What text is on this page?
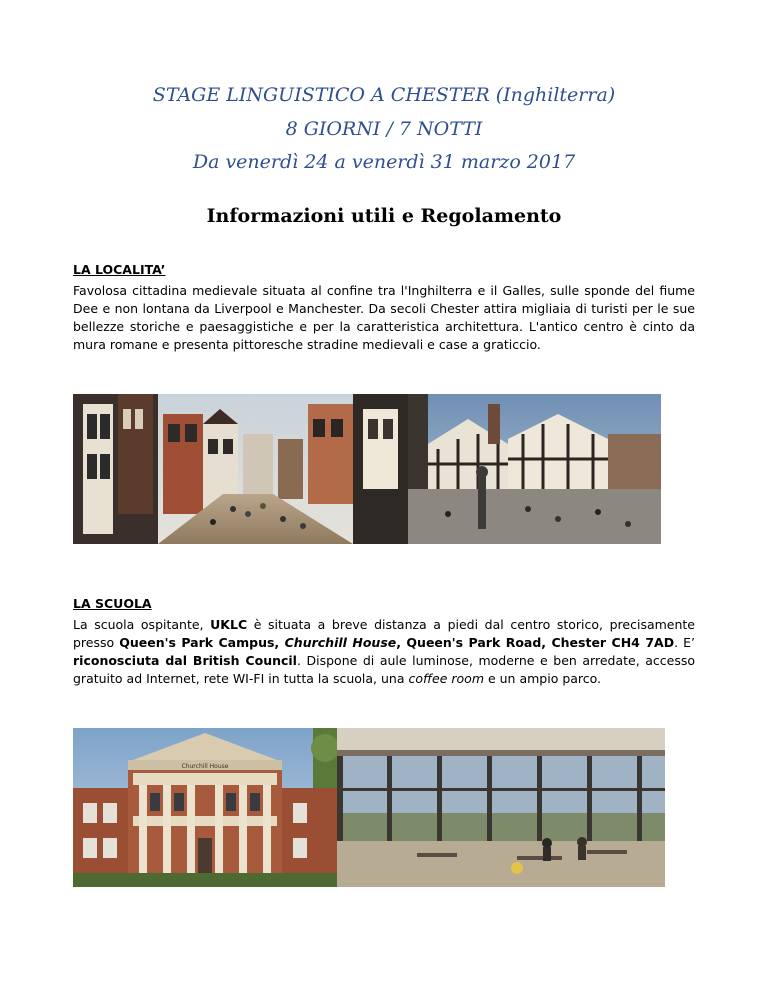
STAGE LINGUISTICO A CHESTER (Inghilterra)
8 GIORNI / 7 NOTTI
Da venerdì 24 a venerdì 31 marzo 2017
Informazioni utili e Regolamento
LA LOCALITA’
Favolosa cittadina medievale situata al confine tra l'Inghilterra e il Galles, sulle sponde del fiume Dee e non lontana da Liverpool e Manchester. Da secoli Chester attira migliaia di turisti per le sue bellezze storiche e paesaggistiche e per la caratteristica architettura. L'antico centro è cinto da mura romane e presenta pittoresche stradine medievali e case a graticcio.
LA SCUOLA
La scuola ospitante, UKLC è situata a breve distanza a piedi dal centro storico, precisamente presso Queen's Park Campus, Churchill House, Queen's Park Road, Chester CH4 7AD. E’ riconosciuta dal British Council. Dispone di aule luminose, moderne e ben arredate, accesso gratuito ad Internet, rete WI-FI in tutta la scuola, una coffee room e un ampio parco.
Churchill House
